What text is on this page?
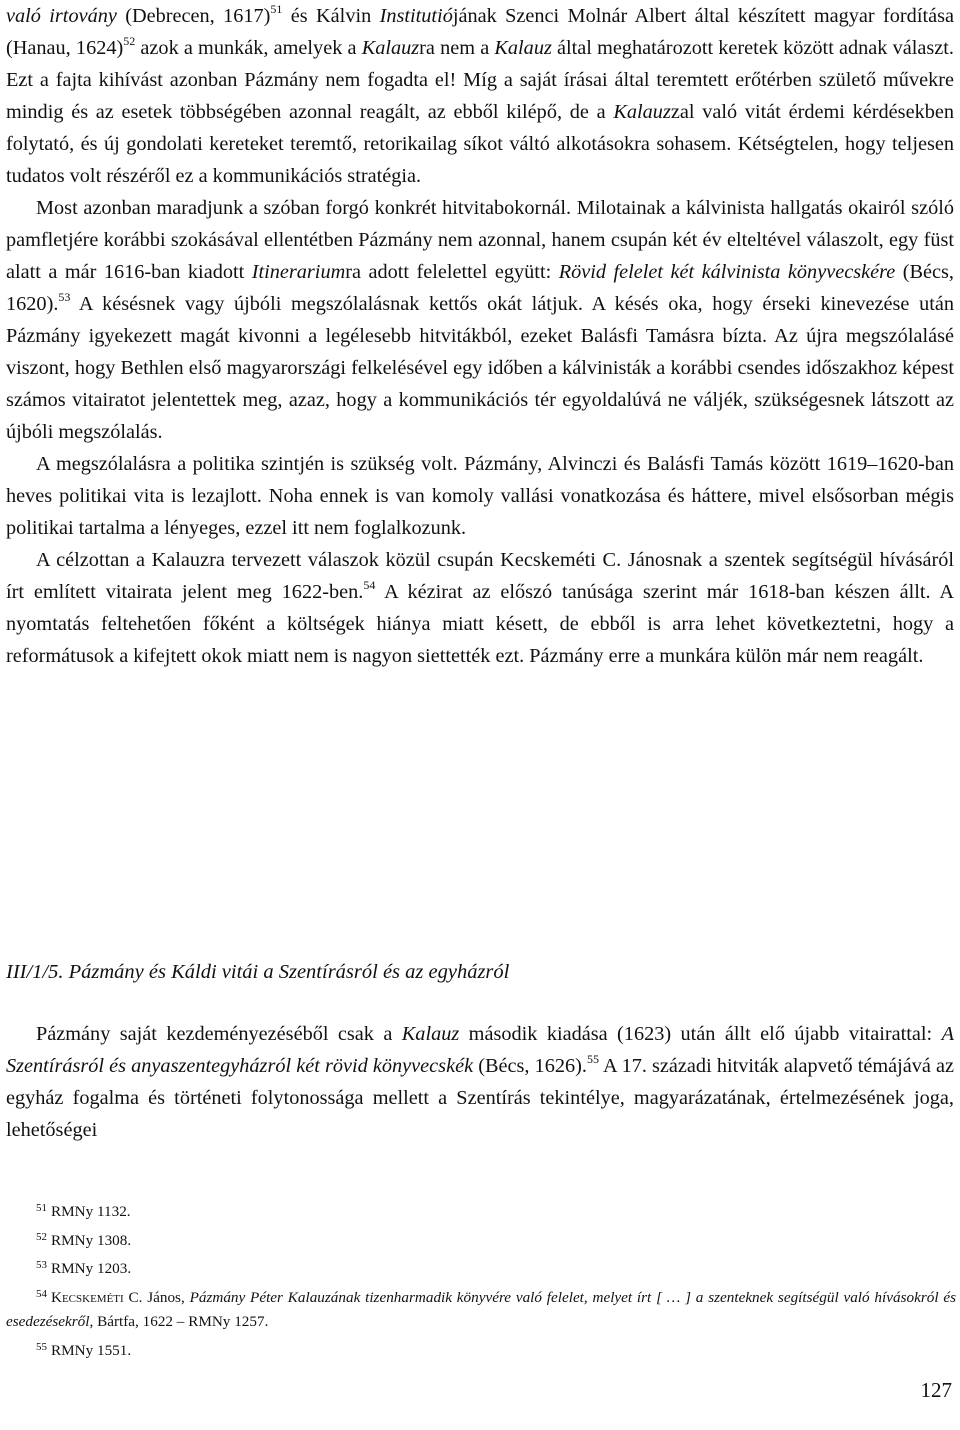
való irtovány (Debrecen, 1617)$^{51}$ és Kálvin Institutiójának Szenci Molnár Albert által készített magyar fordítása (Hanau, 1624)$^{52}$ azok a munkák, amelyek a Kalauzra nem a Kalauz által meghatározott keretek között adnak választ. Ezt a fajta kihívást azonban Pázmány nem fogadta el! Míg a saját írásai által teremtett erőtérben születő művekre mindig és az esetek többségében azonnal reagált, az ebből kilépő, de a Kalauzzal való vitát érdemi kérdésekben folytató, és új gondolati kereteket teremtő, retorikailag síkot váltó alkotásokra sohasem. Kétségtelen, hogy teljesen tudatos volt részéről ez a kommunikációs stratégia.

Most azonban maradjunk a szóban forgó konkrét hitvitabokornál. Milotainak a kálvinista hallgatás okairól szóló pamfletjére korábbi szokásával ellentétben Pázmány nem azonnal, hanem csupán két év elteltével válaszolt, egy füst alatt a már 1616-ban kiadott Itinerariumra adott felelettel együtt: Rövid felelet két kálvinista könyvecskére (Bécs, 1620).$^{53}$ A késésnek vagy újbóli megszólalásnak kettős okát látjuk. A késés oka, hogy érseki kinevezése után Pázmány igyekezett magát kivonni a legélesebb hitvitákból, ezeket Balásfi Tamásra bízta. Az újra megszólalásé viszont, hogy Bethlen első magyarországi felkelésével egy időben a kálvinisták a korábbi csendes időszakhoz képest számos vitairatot jelentettek meg, azaz, hogy a kommunikációs tér egyoldalúvá ne váljék, szükségesnek látszott az újbóli megszólalás.

A megszólalásra a politika szintjén is szükség volt. Pázmány, Alvinczi és Balásfi Tamás között 1619–1620-ban heves politikai vita is lezajlott. Noha ennek is van komoly vallási vonatkozása és háttere, mivel elsősorban mégis politikai tartalma a lényeges, ezzel itt nem foglalkozunk.

A célzottan a Kalauzra tervezett válaszok közül csupán Kecskeméti C. Jánosnak a szentek segítségül hívásáról írt említett vitairata jelent meg 1622-ben.$^{54}$ A kézirat az előszó tanúsága szerint már 1618-ban készen állt. A nyomtatás feltehetően főként a költségek hiánya miatt késett, de ebből is arra lehet következtetni, hogy a reformátusok a kifejtett okok miatt nem is nagyon siettették ezt. Pázmány erre a munkára külön már nem reagált.

III/1/5. Pázmány és Káldi vitái a Szentírásról és az egyházról

Pázmány saját kezdeményezéséből csak a Kalauz második kiadása (1623) után állt elő újabb vitairattal: A Szentírásról és anyaszentegyházról két rövid könyvecskék (Bécs, 1626).$^{55}$ A 17. századi hitviták alapvető témájává az egyház fogalma és történeti folytonossága mellett a Szentírás tekintélye, magyarázatának, értelmezésének joga, lehetőségei

$^{51}$ RMNy 1132.

$^{52}$ RMNy 1308.

$^{53}$ RMNy 1203.

$^{54}$ Kecskeméti C. János, Pázmány Péter Kalauzának tizenharmadik könyvére való felelet, melyet írt [ … ] a szenteknek segítségül való hívásokról és esedezésekről, Bártfa, 1622 – RMNy 1257.

$^{55}$ RMNy 1551.

127
